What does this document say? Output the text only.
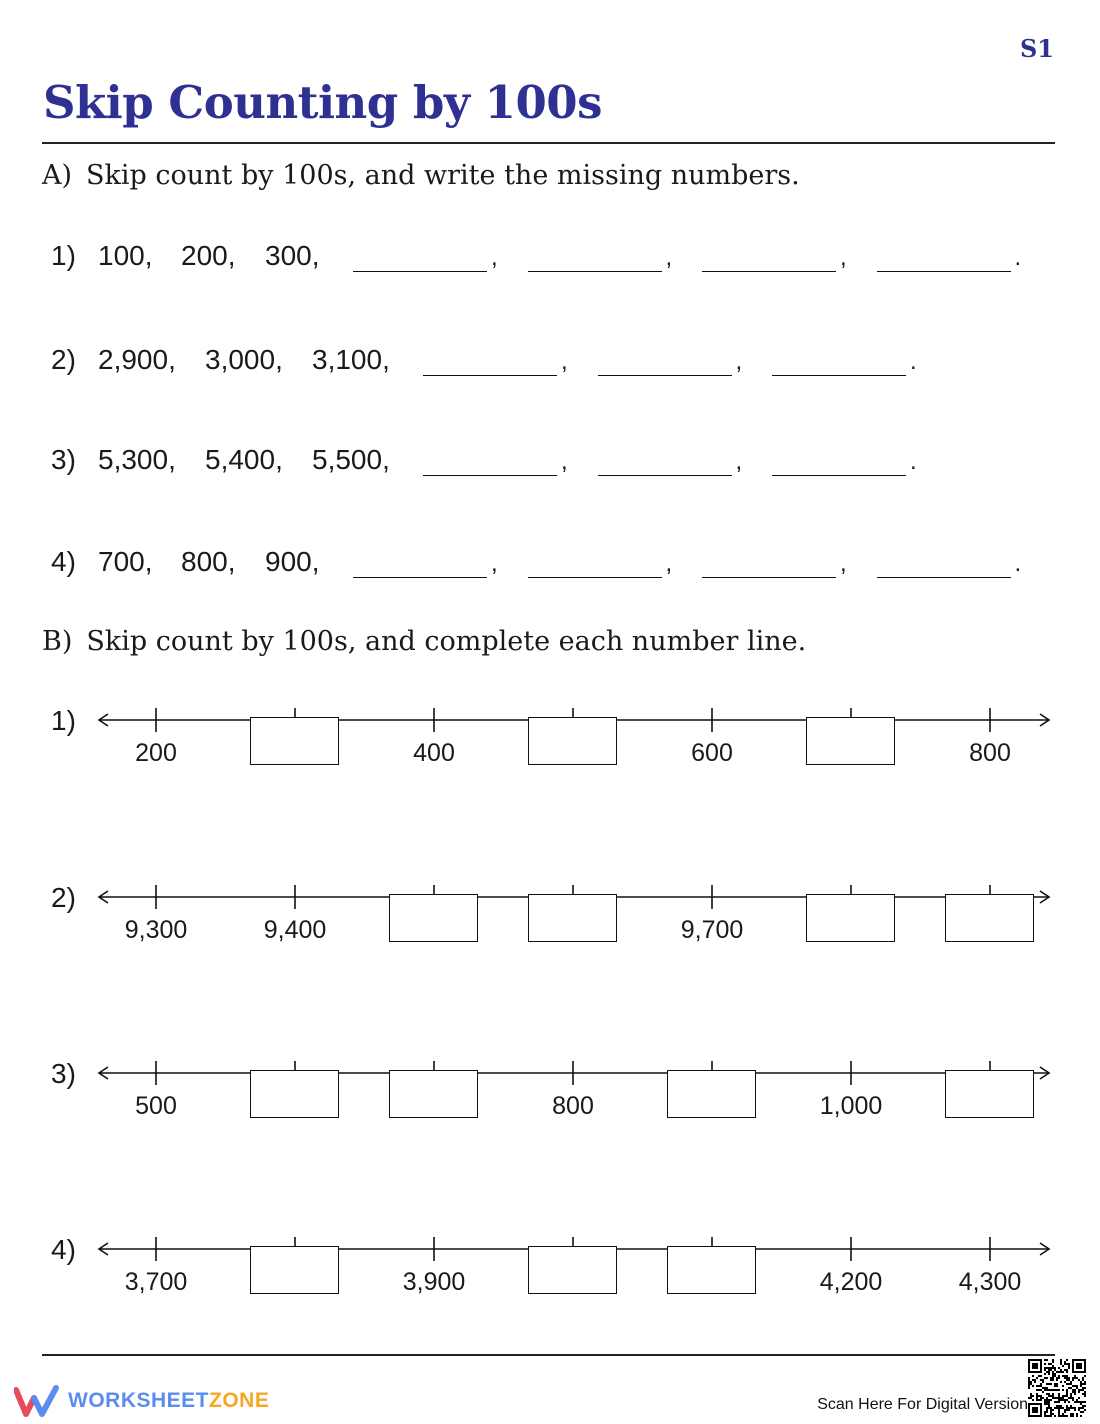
S1
Skip Counting by 100s
A) Skip count by 100s, and write the missing numbers.
1) 100, 200, 300,	,	,	,	.
2) 2,900, 3,000, 3,100,	,	,	.
3) 5,300, 5,400, 5,500,	,	,	.
4) 700, 800, 900,	,	,	,	.
B) Skip count by 100s, and complete each number line.
1)
200	400	600	800
2)
9,300	9,400	9,700
3)
500	800	1,000
4)
3,700	3,900	4,200	4,300
WORKSHEETZONE	Scan Here For Digital Version
